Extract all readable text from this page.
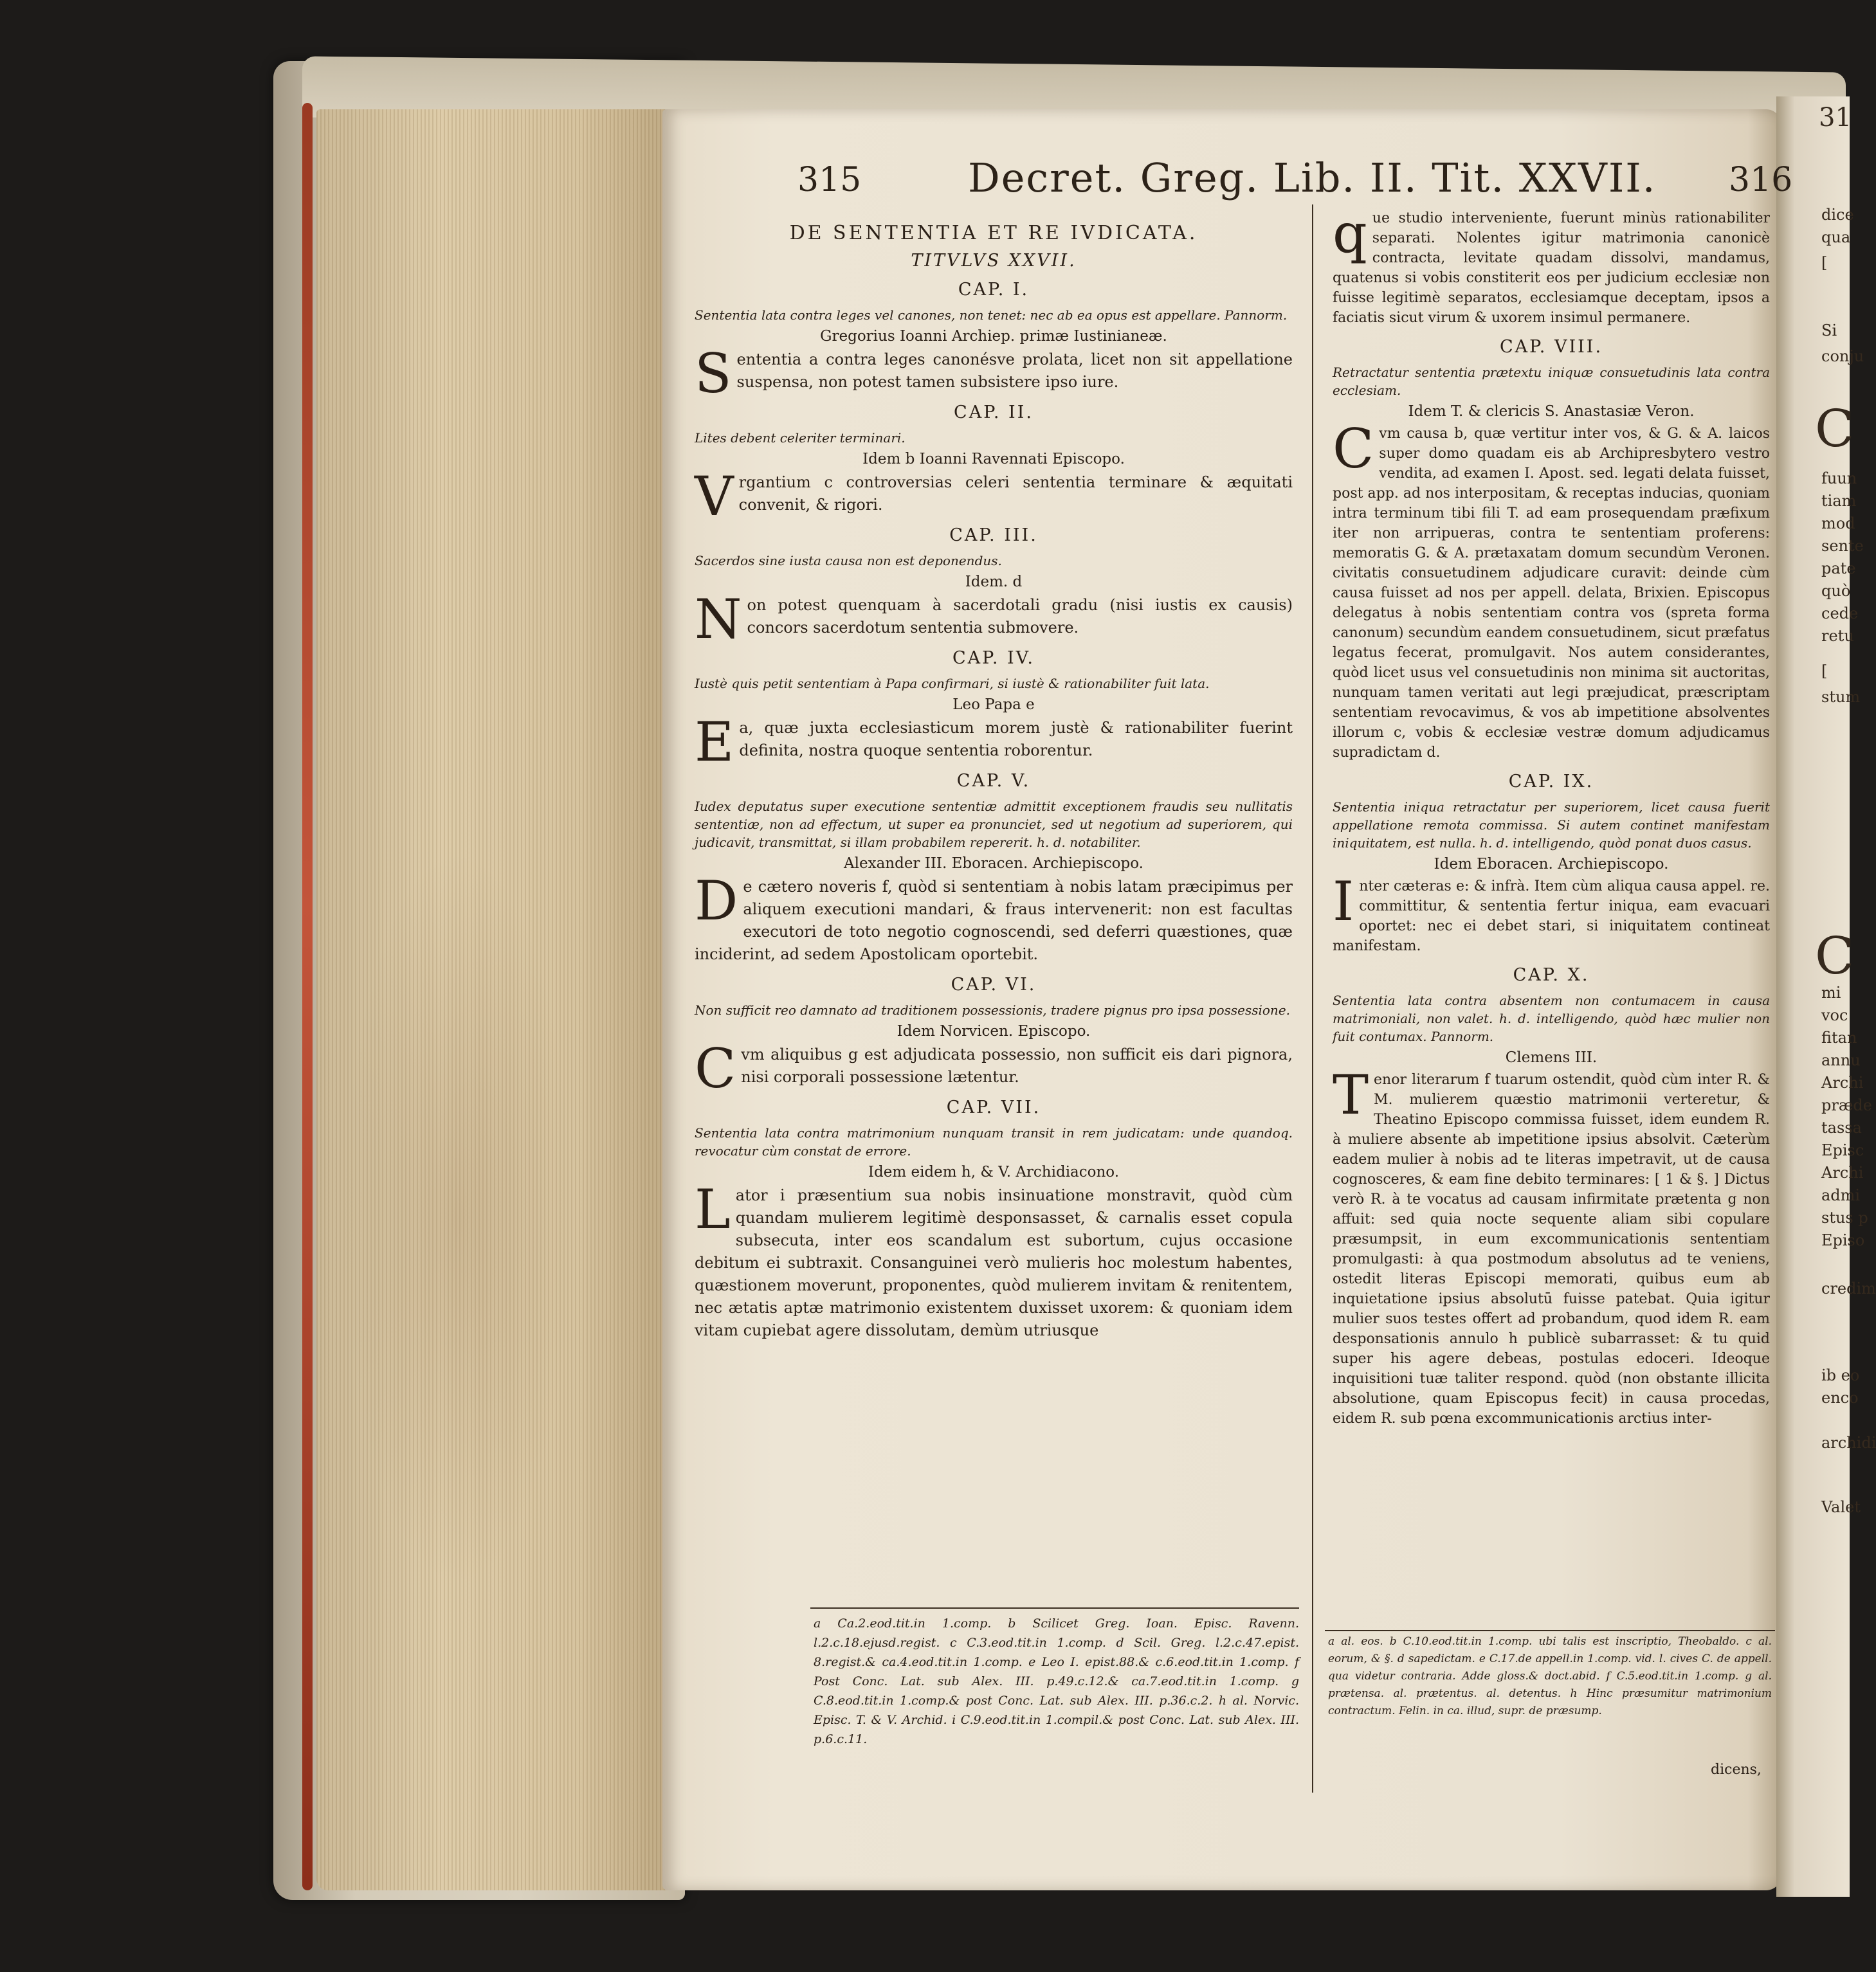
31
dice
qua
[
Si
conju
C
fuun
tiam
mod
sente
pate
quò
cede
retu
[
stum
C
mi
voc
fitan
annu
Archi
præde
tassa
Episc
Archi
admi
stus p
Episo
credim
ib eo
enco
archidi
Valet
315	Decret. Greg. Lib. II. Tit. XXVII. 316
DE SENTENTIA ET RE IVDICATA.
TITVLVS XXVII.
CAP. I.
Sententia lata contra leges vel canones, non tenet: nec ab ea opus est appellare. Pannorm.
Gregorius Ioanni Archiep. primæ Iustinianeæ.
Sententia a contra leges canonésve prolata, licet non sit appellatione suspensa, non potest tamen subsistere ipso iure.
CAP. II.
Lites debent celeriter terminari.
Idem b Ioanni Ravennati Episcopo.
Vrgantium c controversias celeri sententia terminare & æquitati convenit, & rigori.
CAP. III.
Sacerdos sine iusta causa non est deponendus.
Idem. d
Non potest quenquam à sacerdotali gradu (nisi iustis ex causis) concors sacerdotum sententia submovere.
CAP. IV.
Iustè quis petit sententiam à Papa confirmari, si iustè & rationabiliter fuit lata.
Leo Papa e
Ea, quæ juxta ecclesiasticum morem justè & rationabiliter fuerint definita, nostra quoque sententia roborentur.
CAP. V.
Iudex deputatus super executione sententiæ admittit exceptionem fraudis seu nullitatis sententiæ, non ad effectum, ut super ea pronunciet, sed ut negotium ad superiorem, qui judicavit, transmittat, si illam probabilem repererit. h. d. notabiliter.
Alexander III. Eboracen. Archiepiscopo.
De cætero noveris f, quòd si sententiam à nobis latam præcipimus per aliquem executioni mandari, & fraus intervenerit: non est facultas executori de toto negotio cognoscendi, sed deferri quæstiones, quæ inciderint, ad sedem Apostolicam oportebit.
CAP. VI.
Non sufficit reo damnato ad traditionem possessionis, tradere pignus pro ipsa possessione.
Idem Norvicen. Episcopo.
Cvm aliquibus g est adjudicata possessio, non sufficit eis dari pignora, nisi corporali possessione lætentur.
CAP. VII.
Sententia lata contra matrimonium nunquam transit in rem judicatam: unde quandoq. revocatur cùm constat de errore.
Idem eidem h, & V. Archidiacono.
Lator i præsentium sua nobis insinuatione monstravit, quòd cùm quandam mulierem legitimè desponsasset, & carnalis esset copula subsecuta, inter eos scandalum est subortum, cujus occasione debitum ei subtraxit. Consanguinei verò mulieris hoc molestum habentes, quæstionem moverunt, proponentes, quòd mulierem invitam & renitentem, nec ætatis aptæ matrimonio existentem duxisset uxorem: & quoniam idem vitam cupiebat agere dissolutam, demùm utriusque
que studio interveniente, fuerunt minùs rationabiliter separati. Nolentes igitur matrimonia canonicè contracta, levitate quadam dissolvi, mandamus, quatenus si vobis constiterit eos per judicium ecclesiæ non fuisse legitimè separatos, ecclesiamque deceptam, ipsos a faciatis sicut virum & uxorem insimul permanere.
CAP. VIII.
Retractatur sententia prætextu iniquæ consuetudinis lata contra ecclesiam.
Idem T. & clericis S. Anastasiæ Veron.
Cvm causa b, quæ vertitur inter vos, & G. & A. laicos super domo quadam eis ab Archipresbytero vestro vendita, ad examen I. Apost. sed. legati delata fuisset, post app. ad nos interpositam, & receptas inducias, quoniam intra terminum tibi fili T. ad eam prosequendam præfixum iter non arripueras, contra te sententiam proferens: memoratis G. & A. prætaxatam domum secundùm Veronen. civitatis consuetudinem adjudicare curavit: deinde cùm causa fuisset ad nos per appell. delata, Brixien. Episcopus delegatus à nobis sententiam contra vos (spreta forma canonum) secundùm eandem consuetudinem, sicut præfatus legatus fecerat, promulgavit. Nos autem considerantes, quòd licet usus vel consuetudinis non minima sit auctoritas, nunquam tamen veritati aut legi præjudicat, præscriptam sententiam revocavimus, & vos ab impetitione absolventes illorum c, vobis & ecclesiæ vestræ domum adjudicamus supradictam d.
CAP. IX.
Sententia iniqua retractatur per superiorem, licet causa fuerit appellatione remota commissa. Si autem continet manifestam iniquitatem, est nulla. h. d. intelligendo, quòd ponat duos casus.
Idem Eboracen. Archiepiscopo.
Inter cæteras e: & infrà. Item cùm aliqua causa appel. re. committitur, & sententia fertur iniqua, eam evacuari oportet: nec ei debet stari, si iniquitatem contineat manifestam.
CAP. X.
Sententia lata contra absentem non contumacem in causa matrimoniali, non valet. h. d. intelligendo, quòd hæc mulier non fuit contumax. Pannorm.
Clemens III.
Tenor literarum f tuarum ostendit, quòd cùm inter R. & M. mulierem quæstio matrimonii verteretur, & Theatino Episcopo commissa fuisset, idem eundem R. à muliere absente ab impetitione ipsius absolvit. Cæterùm eadem mulier à nobis ad te literas impetravit, ut de causa cognosceres, & eam fine debito terminares: [ 1 & §. ] Dictus verò R. à te vocatus ad causam infirmitate prætenta g non affuit: sed quia nocte sequente aliam sibi copulare præsumpsit, in eum excommunicationis sententiam promulgasti: à qua postmodum absolutus ad te veniens, ostedit literas Episcopi memorati, quibus eum ab inquietatione ipsius absolutū fuisse patebat. Quia igitur mulier suos testes offert ad probandum, quod idem R. eam desponsationis annulo h publicè subarrasset: & tu quid super his agere debeas, postulas edoceri. Ideoque inquisitioni tuæ taliter respond. quòd (non obstante illicita absolutione, quam Episcopus fecit) in causa procedas, eidem R. sub pœna excommunicationis arctius inter-
a Ca.2.eod.tit.in 1.comp. b Scilicet Greg. Ioan. Episc. Ravenn. l.2.c.18.ejusd.regist. c C.3.eod.tit.in 1.comp. d Scil. Greg. l.2.c.47.epist. 8.regist.& ca.4.eod.tit.in 1.comp. e Leo I. epist.88.& c.6.eod.tit.in 1.comp. f Post Conc. Lat. sub Alex. III. p.49.c.12.& ca.7.eod.tit.in 1.comp. g C.8.eod.tit.in 1.comp.& post Conc. Lat. sub Alex. III. p.36.c.2. h al. Norvic. Episc. T. & V. Archid. i C.9.eod.tit.in 1.compil.& post Conc. Lat. sub Alex. III. p.6.c.11.
a al. eos. b C.10.eod.tit.in 1.comp. ubi talis est inscriptio, Theobaldo. c al. eorum, & §. d sapedictam. e C.17.de appell.in 1.comp. vid. l. cives C. de appell. qua videtur contraria. Adde gloss.& doct.abid. f C.5.eod.tit.in 1.comp. g al. prætensa. al. prætentus. al. detentus. h Hinc præsumitur matrimonium contractum. Felin. in ca. illud, supr. de præsump.
dicens,
